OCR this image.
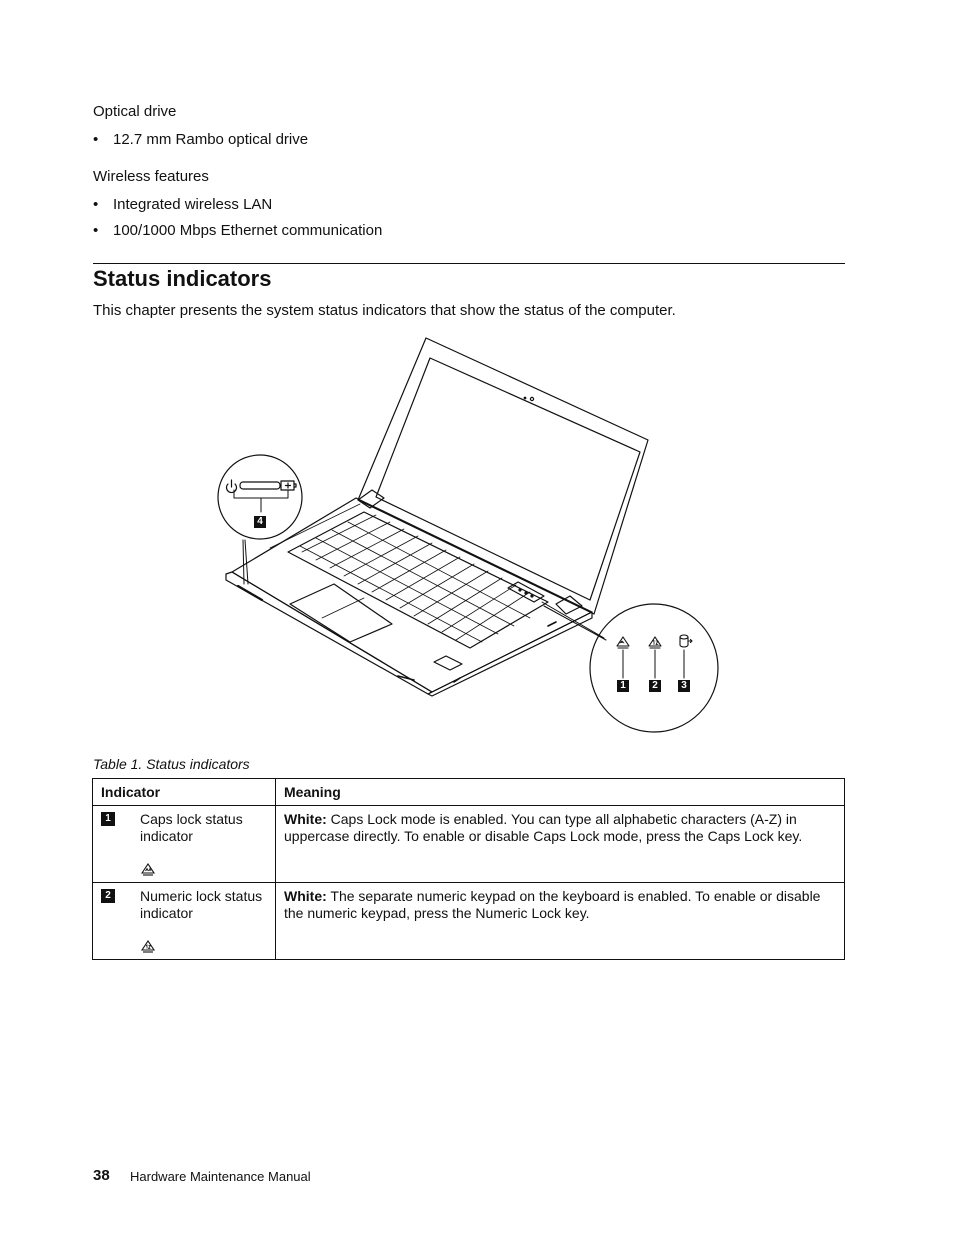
Optical drive
• 12.7 mm Rambo optical drive
Wireless features
• Integrated wireless LAN
• 100/1000 Mbps Ethernet communication
Status indicators
This chapter presents the system status indicators that show the status of the computer.
4
1	2	3
Table 1. Status indicators
Indicator	Meaning

1 Caps lock status indicator	White: Caps Lock mode is enabled. You can type all alphabetic characters (A-Z) in uppercase directly. To enable or disable Caps Lock mode, press the Caps Lock key.

2 Numeric lock status indicator	White: The separate numeric keypad on the keyboard is enabled. To enable or disable the numeric keypad, press the Numeric Lock key.
38 Hardware Maintenance Manual
